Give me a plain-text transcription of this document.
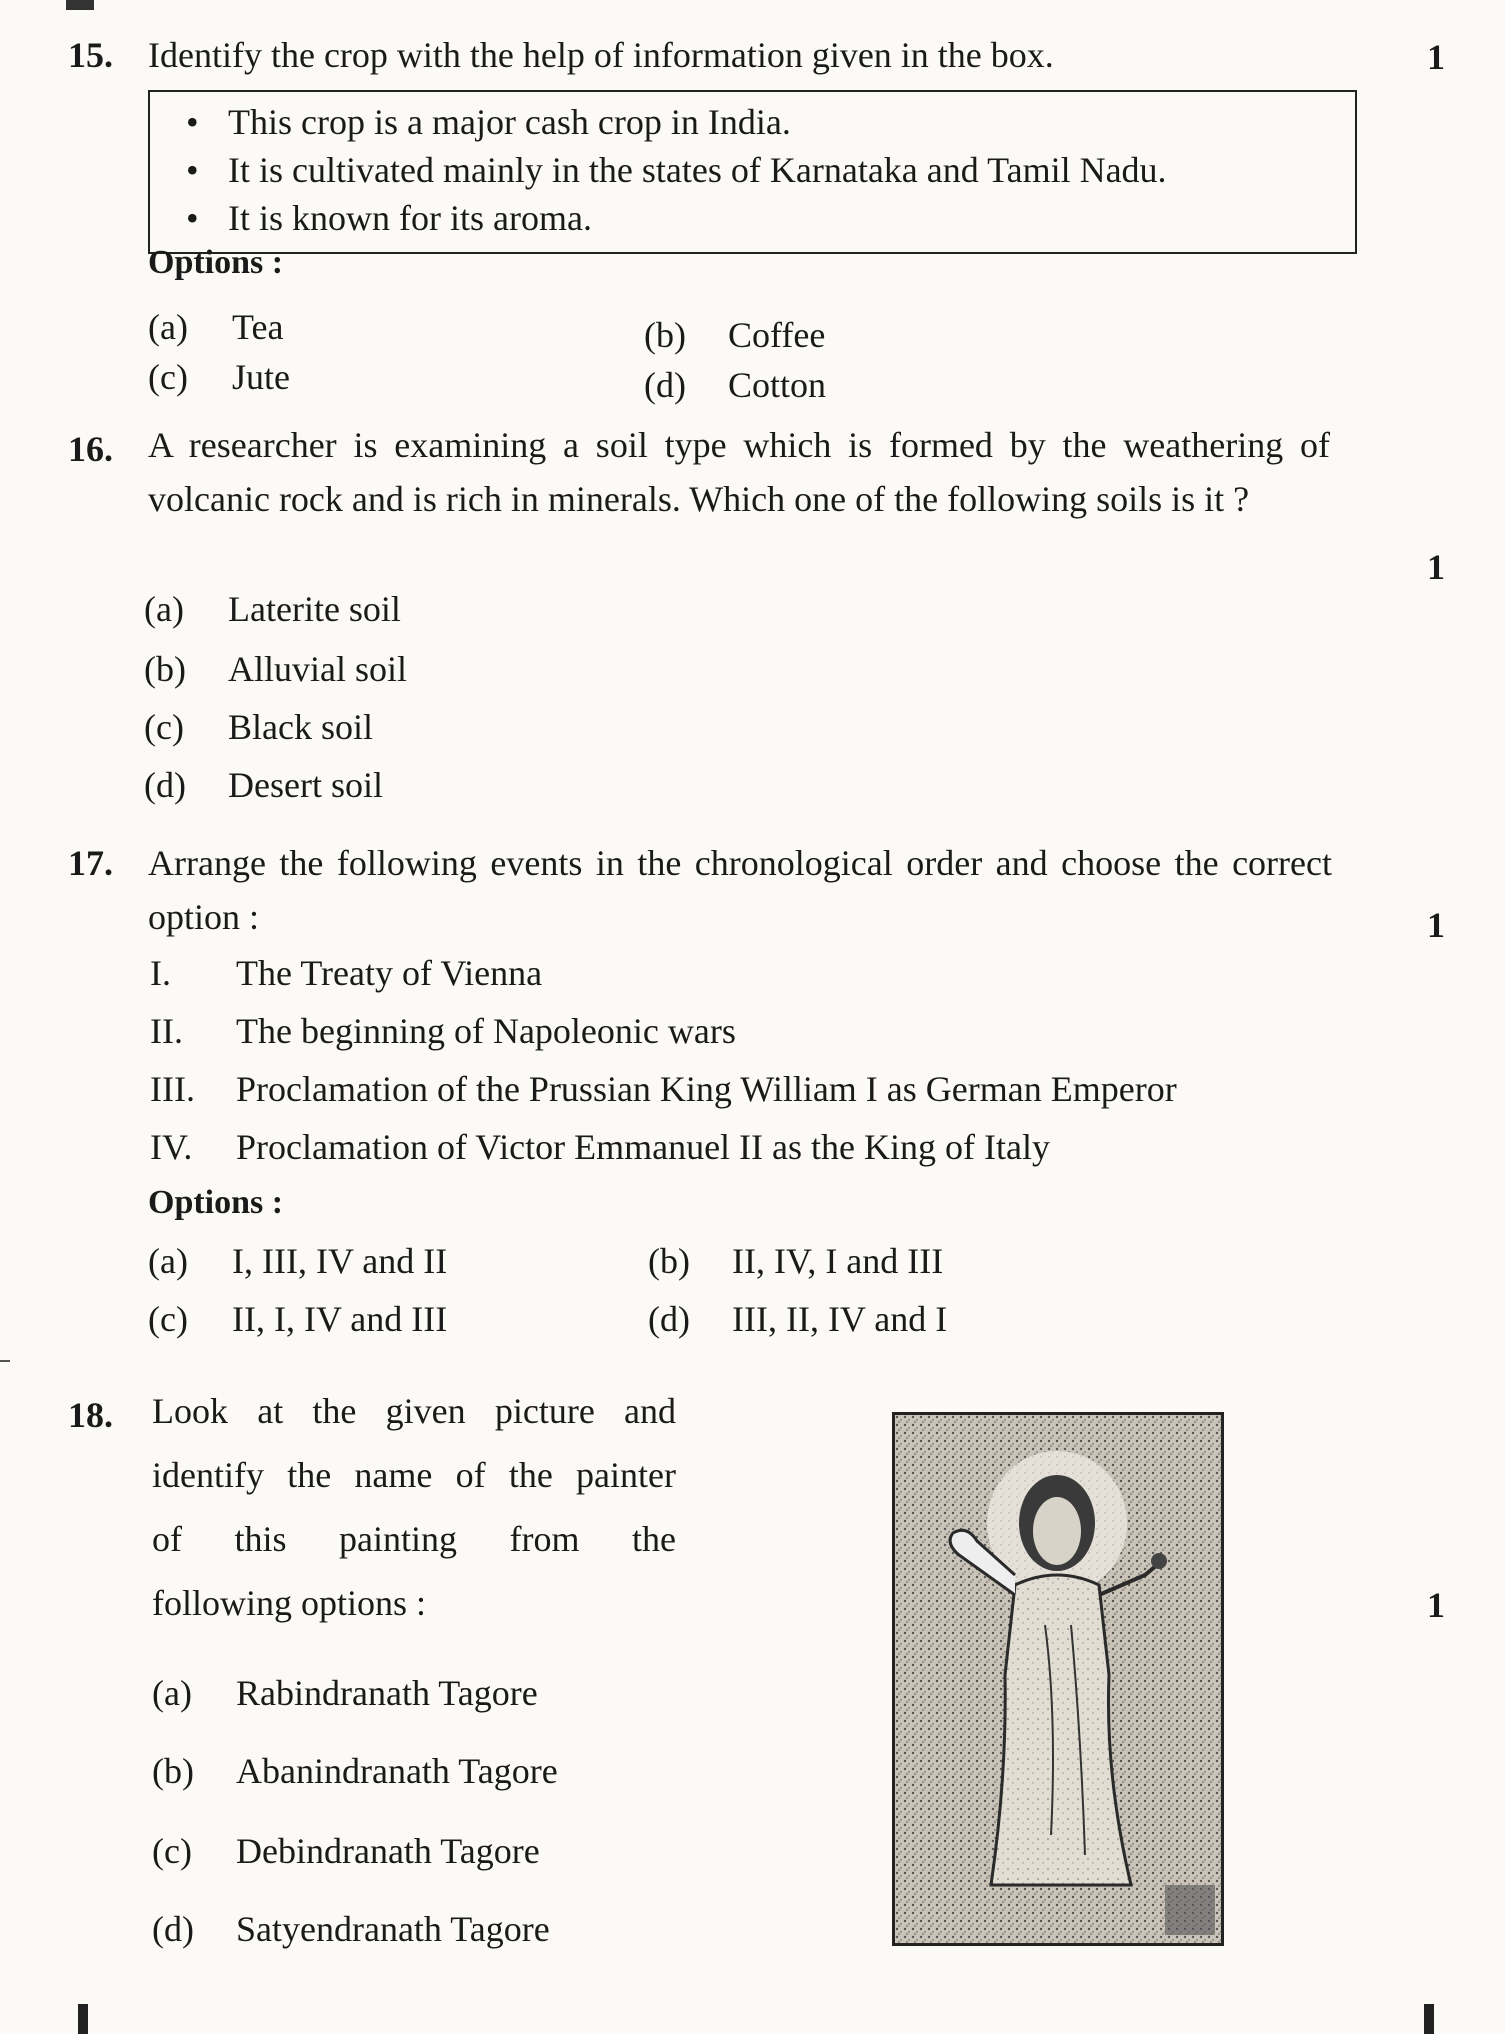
15. Identify the crop with the help of information given in the box.	1
• This crop is a major cash crop in India.
• It is cultivated mainly in the states of Karnataka and Tamil Nadu.
• It is known for its aroma.
Options :
(a) Tea	(b) Coffee
(c) Jute	(d) Cotton
16. A researcher is examining a soil type which is formed by the weathering of volcanic rock and is rich in minerals. Which one of the following soils is it ?
1
(a) Laterite soil
(b) Alluvial soil
(c) Black soil
(d) Desert soil
17. Arrange the following events in the chronological order and choose the correct option :	1
I. The Treaty of Vienna
II. The beginning of Napoleonic wars
III. Proclamation of the Prussian King William I as German Emperor
IV. Proclamation of Victor Emmanuel II as the King of Italy
Options :
(a) I, III, IV and II	(b) II, IV, I and III
(c) II, I, IV and III	(d) III, II, IV and I
18. Look at the given picture and
identify the name of the painter
of this painting from the
following options :	1
(a) Rabindranath Tagore
(b) Abanindranath Tagore
(c) Debindranath Tagore
(d) Satyendranath Tagore
